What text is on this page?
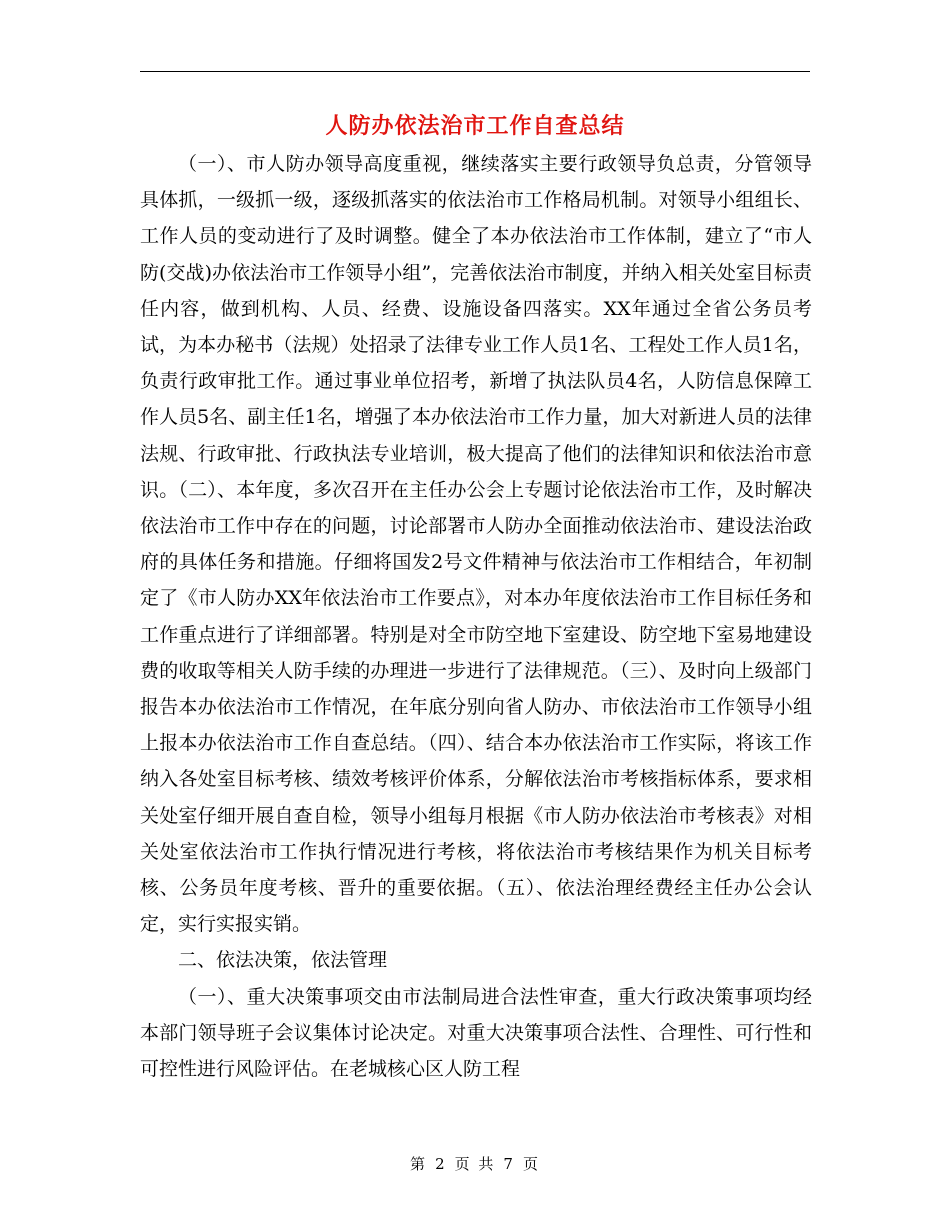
人防办依法治市工作自查总结

（一）、市人防办领导高度重视，继续落实主要行政领导负总责，分管领导具体抓，一级抓一级，逐级抓落实的依法治市工作格局机制。对领导小组组长、工作人员的变动进行了及时调整。健全了本办依法治市工作体制，建立了“市人防(交战)办依法治市工作领导小组”，完善依法治市制度，并纳入相关处室目标责任内容，做到机构、人员、经费、设施设备四落实。XX年通过全省公务员考试，为本办秘书（法规）处招录了法律专业工作人员1名、工程处工作人员1名，负责行政审批工作。通过事业单位招考，新增了执法队员4名，人防信息保障工作人员5名、副主任1名，增强了本办依法治市工作力量，加大对新进人员的法律法规、行政审批、行政执法专业培训，极大提高了他们的法律知识和依法治市意识。（二）、本年度，多次召开在主任办公会上专题讨论依法治市工作，及时解决依法治市工作中存在的问题，讨论部署市人防办全面推动依法治市、建设法治政府的具体任务和措施。仔细将国发2号文件精神与依法治市工作相结合，年初制定了《市人防办XX年依法治市工作要点》，对本办年度依法治市工作目标任务和工作重点进行了详细部署。特别是对全市防空地下室建设、防空地下室易地建设费的收取等相关人防手续的办理进一步进行了法律规范。（三）、及时向上级部门报告本办依法治市工作情况，在年底分别向省人防办、市依法治市工作领导小组上报本办依法治市工作自查总结。（四）、结合本办依法治市工作实际，将该工作纳入各处室目标考核、绩效考核评价体系，分解依法治市考核指标体系，要求相关处室仔细开展自查自检，领导小组每月根据《市人防办依法治市考核表》对相关处室依法治市工作执行情况进行考核，将依法治市考核结果作为机关目标考核、公务员年度考核、晋升的重要依据。（五）、依法治理经费经主任办公会认定，实行实报实销。

二、依法决策，依法管理

（一）、重大决策事项交由市法制局进合法性审查，重大行政决策事项均经本部门领导班子会议集体讨论决定。对重大决策事项合法性、合理性、可行性和可控性进行风险评估。在老城核心区人防工程

第 2 页 共 7 页
